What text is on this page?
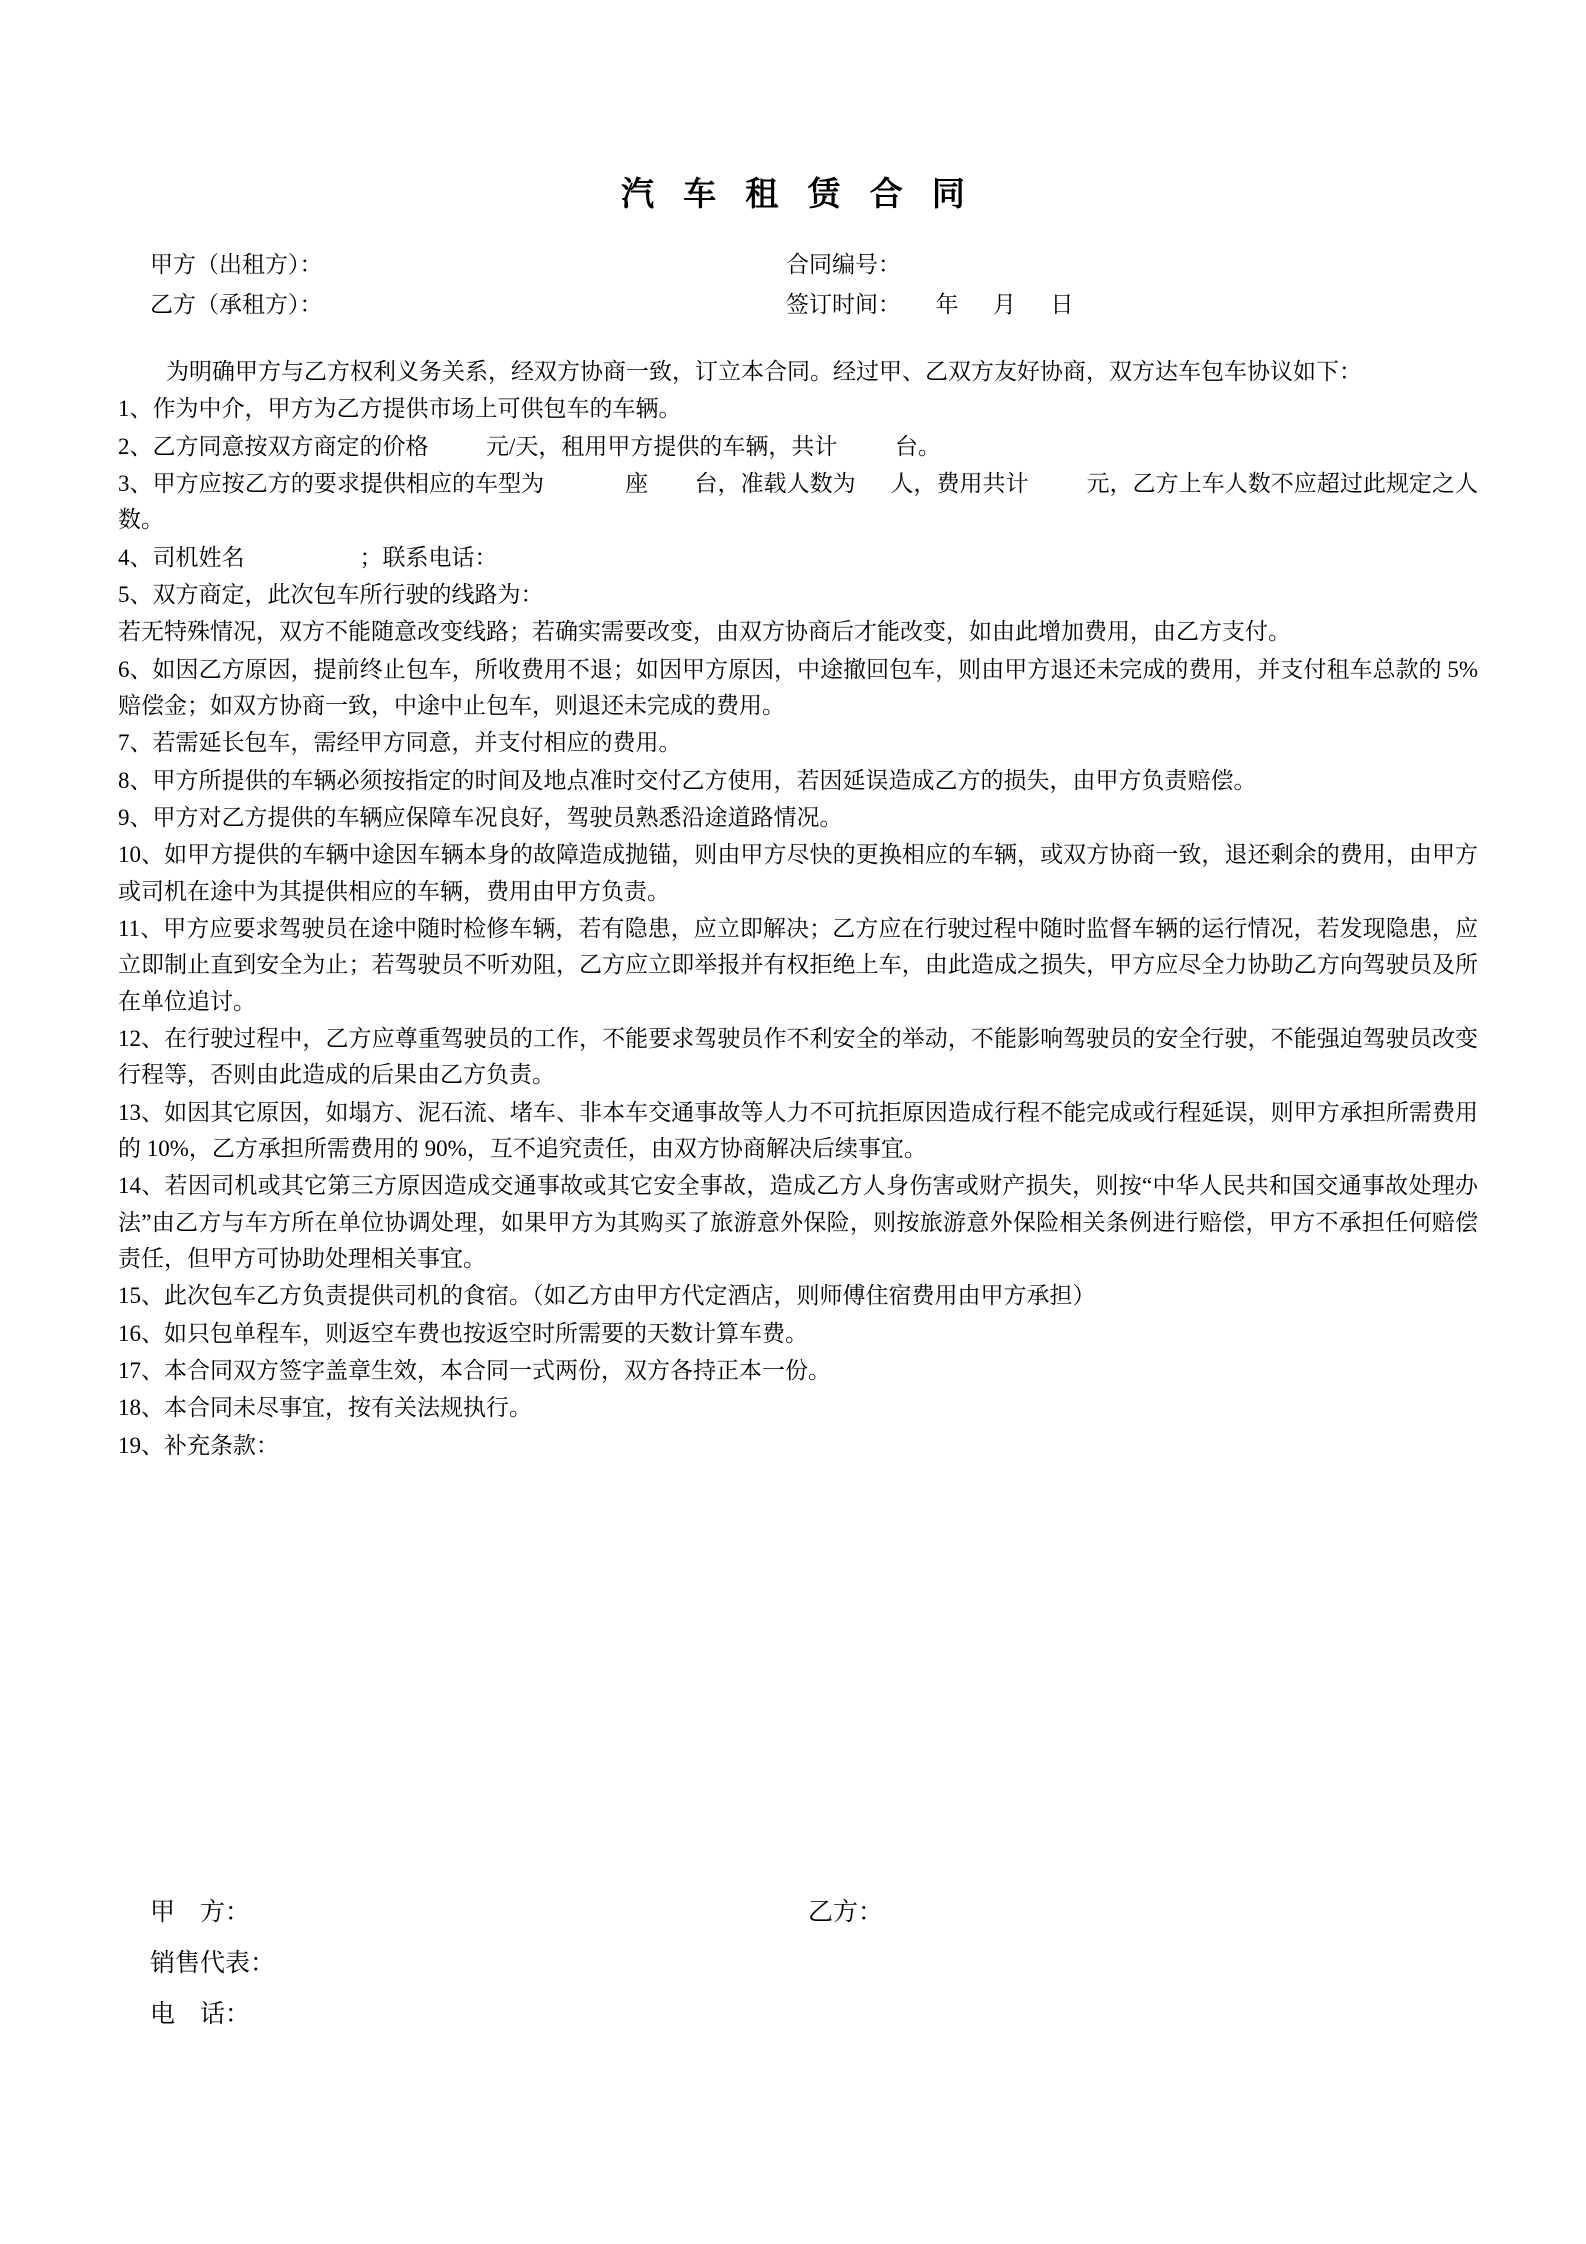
汽 车 租 赁 合 同
甲方（出租方）：	合同编号：
乙方（承租方）：	签订时间：      年      月      日

为明确甲方与乙方权利义务关系，经双方协商一致，订立本合同。经过甲、乙双方友好协商，双方达车包车协议如下：

1、作为中介，甲方为乙方提供市场上可供包车的车辆。

2、乙方同意按双方商定的价格          元/天，租用甲方提供的车辆，共计          台。

3、甲方应按乙方的要求提供相应的车型为              座        台，准载人数为      人，费用共计          元，乙方上车人数不应超过此规定之人数。

4、司机姓名                    ；联系电话：

5、双方商定，此次包车所行驶的线路为：

若无特殊情况，双方不能随意改变线路；若确实需要改变，由双方协商后才能改变，如由此增加费用，由乙方支付。

6、如因乙方原因，提前终止包车，所收费用不退；如因甲方原因，中途撤回包车，则由甲方退还未完成的费用，并支付租车总款的 5%赔偿金；如双方协商一致，中途中止包车，则退还未完成的费用。

7、若需延长包车，需经甲方同意，并支付相应的费用。

8、甲方所提供的车辆必须按指定的时间及地点准时交付乙方使用，若因延误造成乙方的损失，由甲方负责赔偿。

9、甲方对乙方提供的车辆应保障车况良好，驾驶员熟悉沿途道路情况。

10、如甲方提供的车辆中途因车辆本身的故障造成抛锚，则由甲方尽快的更换相应的车辆，或双方协商一致，退还剩余的费用，由甲方或司机在途中为其提供相应的车辆，费用由甲方负责。

11、甲方应要求驾驶员在途中随时检修车辆，若有隐患，应立即解决；乙方应在行驶过程中随时监督车辆的运行情况，若发现隐患，应立即制止直到安全为止；若驾驶员不听劝阻，乙方应立即举报并有权拒绝上车，由此造成之损失，甲方应尽全力协助乙方向驾驶员及所在单位追讨。

12、在行驶过程中，乙方应尊重驾驶员的工作，不能要求驾驶员作不利安全的举动，不能影响驾驶员的安全行驶，不能强迫驾驶员改变行程等，否则由此造成的后果由乙方负责。

13、如因其它原因，如塌方、泥石流、堵车、非本车交通事故等人力不可抗拒原因造成行程不能完成或行程延误，则甲方承担所需费用的 10%，乙方承担所需费用的 90%，互不追究责任，由双方协商解决后续事宜。

14、若因司机或其它第三方原因造成交通事故或其它安全事故，造成乙方人身伤害或财产损失，则按“中华人民共和国交通事故处理办法”由乙方与车方所在单位协调处理，如果甲方为其购买了旅游意外保险，则按旅游意外保险相关条例进行赔偿，甲方不承担任何赔偿责任，但甲方可协助处理相关事宜。

15、此次包车乙方负责提供司机的食宿。（如乙方由甲方代定酒店，则师傅住宿费用由甲方承担）

16、如只包单程车，则返空车费也按返空时所需要的天数计算车费。

17、本合同双方签字盖章生效，本合同一式两份，双方各持正本一份。

18、本合同未尽事宜，按有关法规执行。

19、补充条款：

甲    方：	乙方：
销售代表：
电    话：
